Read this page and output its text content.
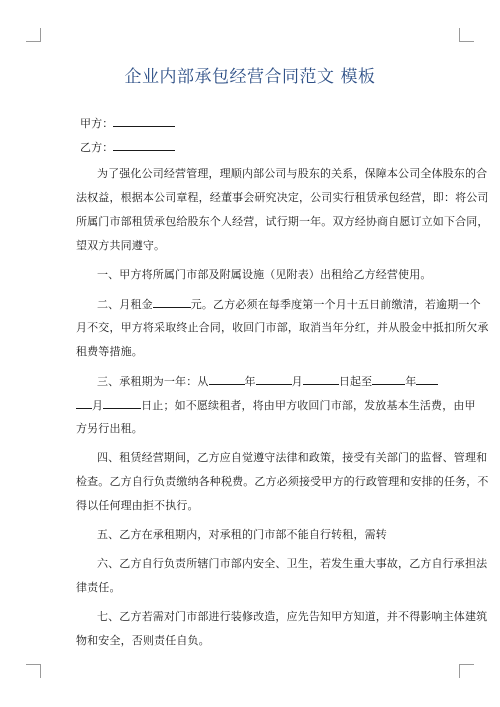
企业内部承包经营合同范文 模板
甲方：
乙方：
为了强化公司经营管理，理顺内部公司与股东的关系，保障本公司全体股东的合
法权益，根据本公司章程，经董事会研究决定，公司实行租赁承包经营，即：将公司
所属门市部租赁承包给股东个人经营，试行期一年。双方经协商自愿订立如下合同，
望双方共同遵守。
一、甲方将所属门市部及附属设施（见附表）出租给乙方经营使用。
二、月租金	元。乙方必须在每季度第一个月十五日前缴清，若逾期一个
月不交，甲方将采取终止合同，收回门市部，取消当年分红，并从股金中抵扣所欠承
租费等措施。
三、承租期为一年：从	年	月	日起至	年
月	日止；如不愿续租者，将由甲方收回门市部，发放基本生活费，由甲
方另行出租。
四、租赁经营期间，乙方应自觉遵守法律和政策，接受有关部门的监督、管理和
检查。乙方自行负责缴纳各种税费。乙方必须接受甲方的行政管理和安排的任务，不
得以任何理由拒不执行。
五、乙方在承租期内，对承租的门市部不能自行转租，需转
六、乙方自行负责所辖门市部内安全、卫生，若发生重大事故，乙方自行承担法
律责任。
七、乙方若需对门市部进行装修改造，应先告知甲方知道，并不得影响主体建筑
物和安全，否则责任自负。
